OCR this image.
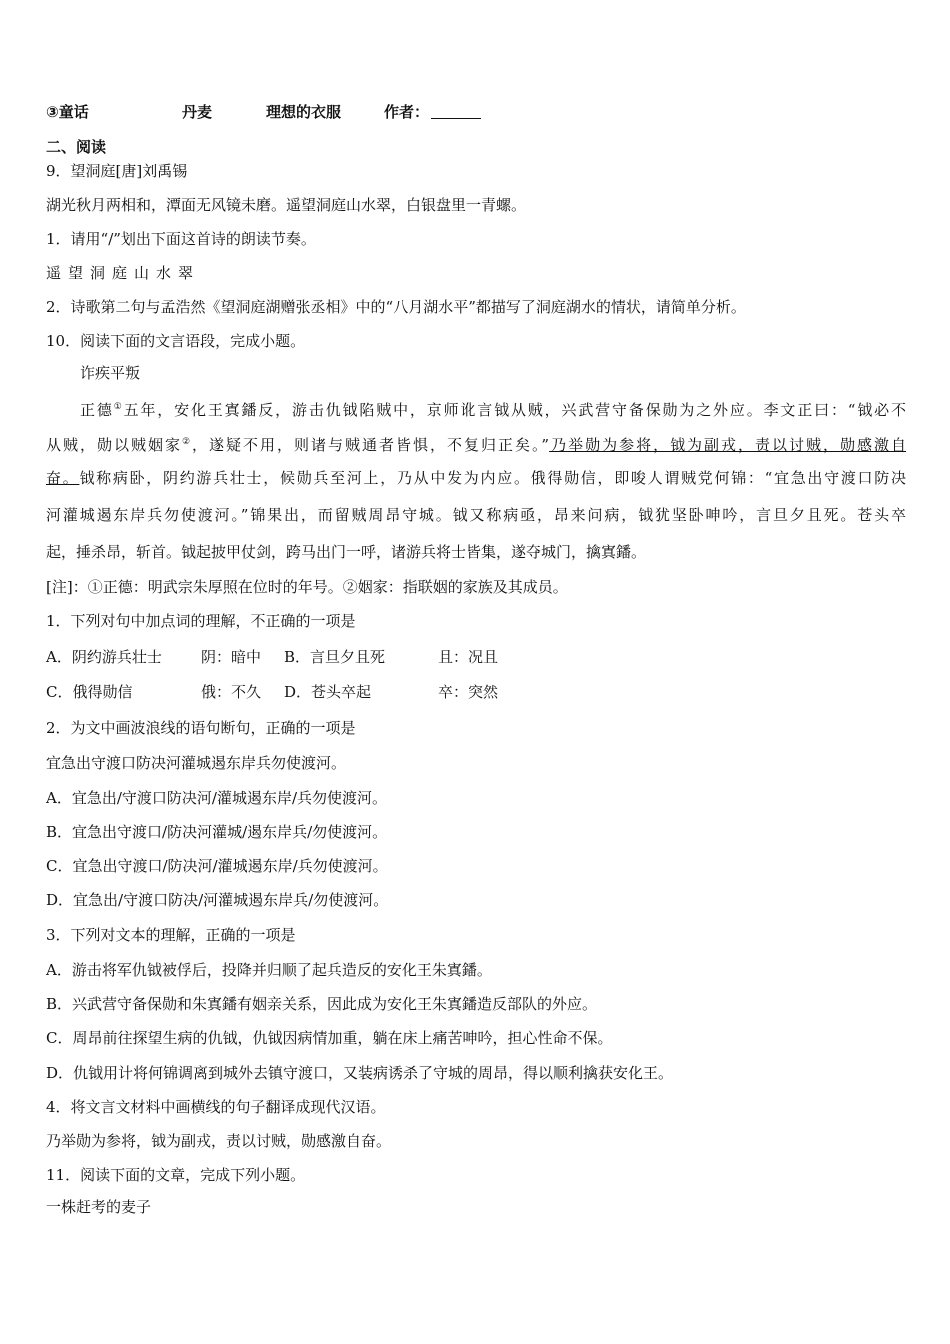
③童话	丹麦	理想的衣服	作者：
二、阅读
9．望洞庭[唐]刘禹锡
湖光秋月两相和，潭面无风镜未磨。遥望洞庭山水翠，白银盘里一青螺。
1．请用“/”划出下面这首诗的朗读节奏。
遥望洞庭山水翠
2．诗歌第二句与孟浩然《望洞庭湖赠张丞相》中的“八月湖水平”都描写了洞庭湖水的情状，请简单分析。
10．阅读下面的文言语段，完成小题。
诈疾平叛
正德①五年，安化王寘鐇反，游击仇钺陷贼中，京师讹言钺从贼，兴武营守备保勋为之外应。李文正曰：“钺必不
从贼，勋以贼姻家②，遂疑不用，则诸与贼通者皆惧，不复归正矣。”乃举勋为参将，钺为副戎，责以讨贼，勋感激自
奋。钺称病卧，阴约游兵壮士，候勋兵至河上，乃从中发为内应。俄得勋信，即唆人谓贼党何锦：“宜急出守渡口防决
河灌城遏东岸兵勿使渡河。”锦果出，而留贼周昂守城。钺又称病亟，昂来问病，钺犹坚卧呻吟，言旦夕且死。苍头卒
起，捶杀昂，斩首。钺起披甲仗剑，跨马出门一呼，诸游兵将士皆集，遂夺城门，擒寘鐇。
[注]：①正德：明武宗朱厚照在位时的年号。②姻家：指联姻的家族及其成员。
1．下列对句中加点词的理解，不正确的一项是
A．阴约游兵壮士	阴：暗中 B．言旦夕且死	且：况且
C．俄得勋信	俄：不久 D．苍头卒起	卒：突然
2．为文中画波浪线的语句断句，正确的一项是
宜急出守渡口防决河灌城遏东岸兵勿使渡河。
A．宜急出/守渡口防决河/灌城遏东岸/兵勿使渡河。
B．宜急出守渡口/防决河灌城/遏东岸兵/勿使渡河。
C．宜急出守渡口/防决河/灌城遏东岸/兵勿使渡河。
D．宜急出/守渡口防决/河灌城遏东岸兵/勿使渡河。
3．下列对文本的理解，正确的一项是
A．游击将军仇钺被俘后，投降并归顺了起兵造反的安化王朱寘鐇。
B．兴武营守备保勋和朱寘鐇有姻亲关系，因此成为安化王朱寘鐇造反部队的外应。
C．周昂前往探望生病的仇钺，仇钺因病情加重，躺在床上痛苦呻吟，担心性命不保。
D．仇钺用计将何锦调离到城外去镇守渡口，又装病诱杀了守城的周昂，得以顺利擒获安化王。
4．将文言文材料中画横线的句子翻译成现代汉语。
乃举勋为参将，钺为副戎，责以讨贼，勋感激自奋。
11．阅读下面的文章，完成下列小题。
一株赶考的麦子
